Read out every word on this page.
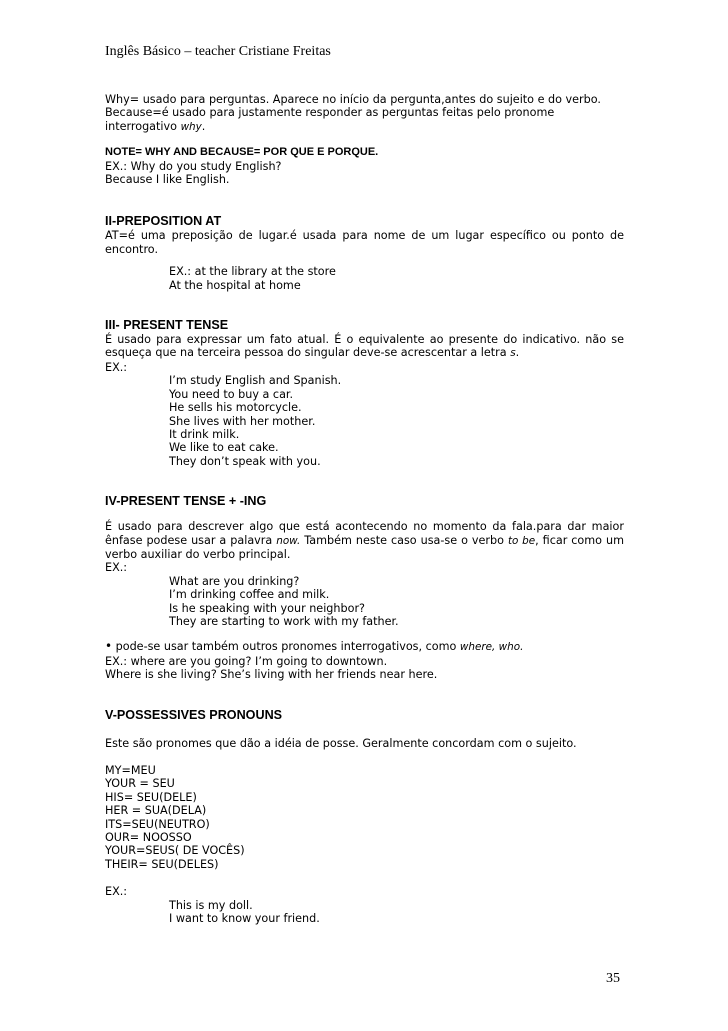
Inglês Básico – teacher Cristiane Freitas

Why= usado para perguntas. Aparece no início da pergunta,antes do sujeito e do verbo.

Because=é usado para justamente responder as perguntas feitas pelo pronome interrogativo why.

NOTE= WHY AND BECAUSE= POR QUE E PORQUE.

EX.: Why do you study English?

Because I like English.

II-PREPOSITION AT

AT=é uma preposição de lugar.é usada para nome de um lugar específico ou ponto de encontro.

EX.: at the library at the store

At the hospital at home

III- PRESENT TENSE

É usado para expressar um fato atual. É o equivalente ao presente do indicativo. não se esqueça que na terceira pessoa do singular deve-se acrescentar a letra s.

EX.:

I’m study English and Spanish.

You need to buy a car.

He sells his motorcycle.

She lives with her mother.

It drink milk.

We like to eat cake.

They don’t speak with you.

IV-PRESENT TENSE + -ING

É usado para descrever algo que está acontecendo no momento da fala.para dar maior ênfase podese usar a palavra now. Também neste caso usa-se o verbo to be, ficar como um verbo auxiliar do verbo principal.

EX.:

What are you drinking?

I’m drinking coffee and milk.

Is he speaking with your neighbor?

They are starting to work with my father.

• pode-se usar também outros pronomes interrogativos, como where, who.

EX.: where are you going? I’m going to downtown.

Where is she living? She’s living with her friends near here.

V-POSSESSIVES PRONOUNS

Este são pronomes que dão a idéia de posse. Geralmente concordam com o sujeito.

MY=MEU

YOUR = SEU

HIS= SEU(DELE)

HER = SUA(DELA)

ITS=SEU(NEUTRO)

OUR= NOOSSO

YOUR=SEUS( DE VOCÊS)

THEIR= SEU(DELES)

EX.:

This is my doll.

I want to know your friend.

35
